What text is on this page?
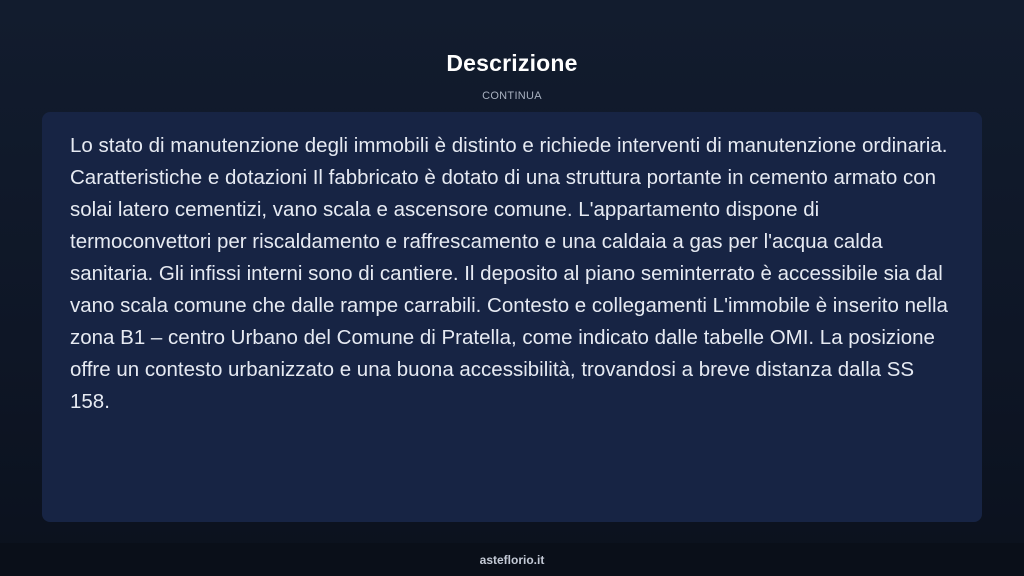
Descrizione
CONTINUA

Lo stato di manutenzione degli immobili è distinto e richiede interventi di manutenzione ordinaria. Caratteristiche e dotazioni Il fabbricato è dotato di una struttura portante in cemento armato con solai latero cementizi, vano scala e ascensore comune. L'appartamento dispone di termoconvettori per riscaldamento e raffrescamento e una caldaia a gas per l'acqua calda sanitaria. Gli infissi interni sono di cantiere. Il deposito al piano seminterrato è accessibile sia dal vano scala comune che dalle rampe carrabili. Contesto e collegamenti L'immobile è inserito nella zona B1 – centro Urbano del Comune di Pratella, come indicato dalle tabelle OMI. La posizione offre un contesto urbanizzato e una buona accessibilità, trovandosi a breve distanza dalla SS 158.

asteflorio.it
